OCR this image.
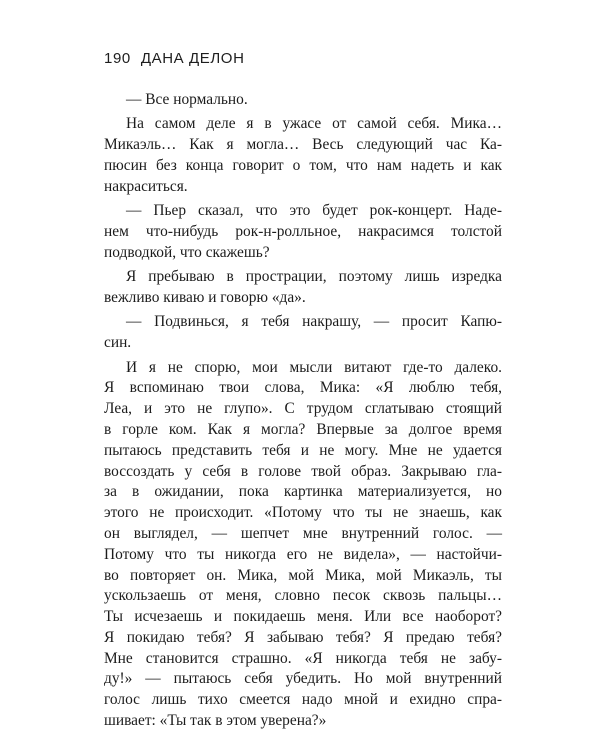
190 ДАНА ДЕЛОН
— Все нормально.
На самом деле я в ужасе от самой себя. Мика…
Микаэль… Как я могла… Весь следующий час Ка-
пюсин без конца говорит о том, что нам надеть и как
накраситься.
— Пьер сказал, что это будет рок-концерт. Наде-
нем что-нибудь рок-н-ролльное, накрасимся толстой
подводкой, что скажешь?
Я пребываю в прострации, поэтому лишь изредка
вежливо киваю и говорю «да».
— Подвинься, я тебя накрашу, — просит Капю-
син.
И я не спорю, мои мысли витают где-то далеко.
Я вспоминаю твои слова, Мика: «Я люблю тебя,
Леа, и это не глупо». С трудом сглатываю стоящий
в горле ком. Как я могла? Впервые за долгое время
пытаюсь представить тебя и не могу. Мне не удается
воссоздать у себя в голове твой образ. Закрываю гла-
за в ожидании, пока картинка материализуется, но
этого не происходит. «Потому что ты не знаешь, как
он выглядел, — шепчет мне внутренний голос. —
Потому что ты никогда его не видела», — настойчи-
во повторяет он. Мика, мой Мика, мой Микаэль, ты
ускользаешь от меня, словно песок сквозь пальцы…
Ты исчезаешь и покидаешь меня. Или все наоборот?
Я покидаю тебя? Я забываю тебя? Я предаю тебя?
Мне становится страшно. «Я никогда тебя не забу-
ду!» — пытаюсь себя убедить. Но мой внутренний
голос лишь тихо смеется надо мной и ехидно спра-
шивает: «Ты так в этом уверена?»
